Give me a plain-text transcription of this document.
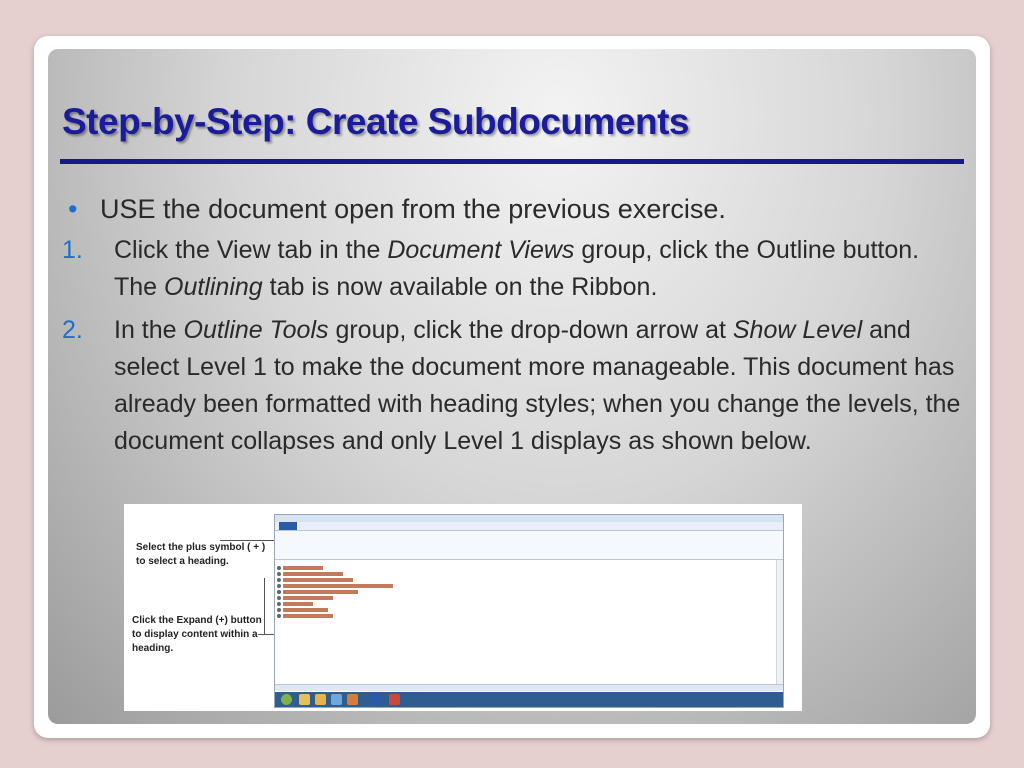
Step-by-Step: Create Subdocuments
• USE the document open from the previous exercise.
1. Click the View tab in the Document Views group, click the Outline button. The Outlining tab is now available on the Ribbon.
2. In the Outline Tools group, click the drop-down arrow at Show Level and select Level 1 to make the document more manageable. This document has already been formatted with heading styles; when you change the levels, the document collapses and only Level 1 displays as shown below.
Select the plus symbol ( + ) to select a heading.
Click the Expand (+) button to display content within a heading.
